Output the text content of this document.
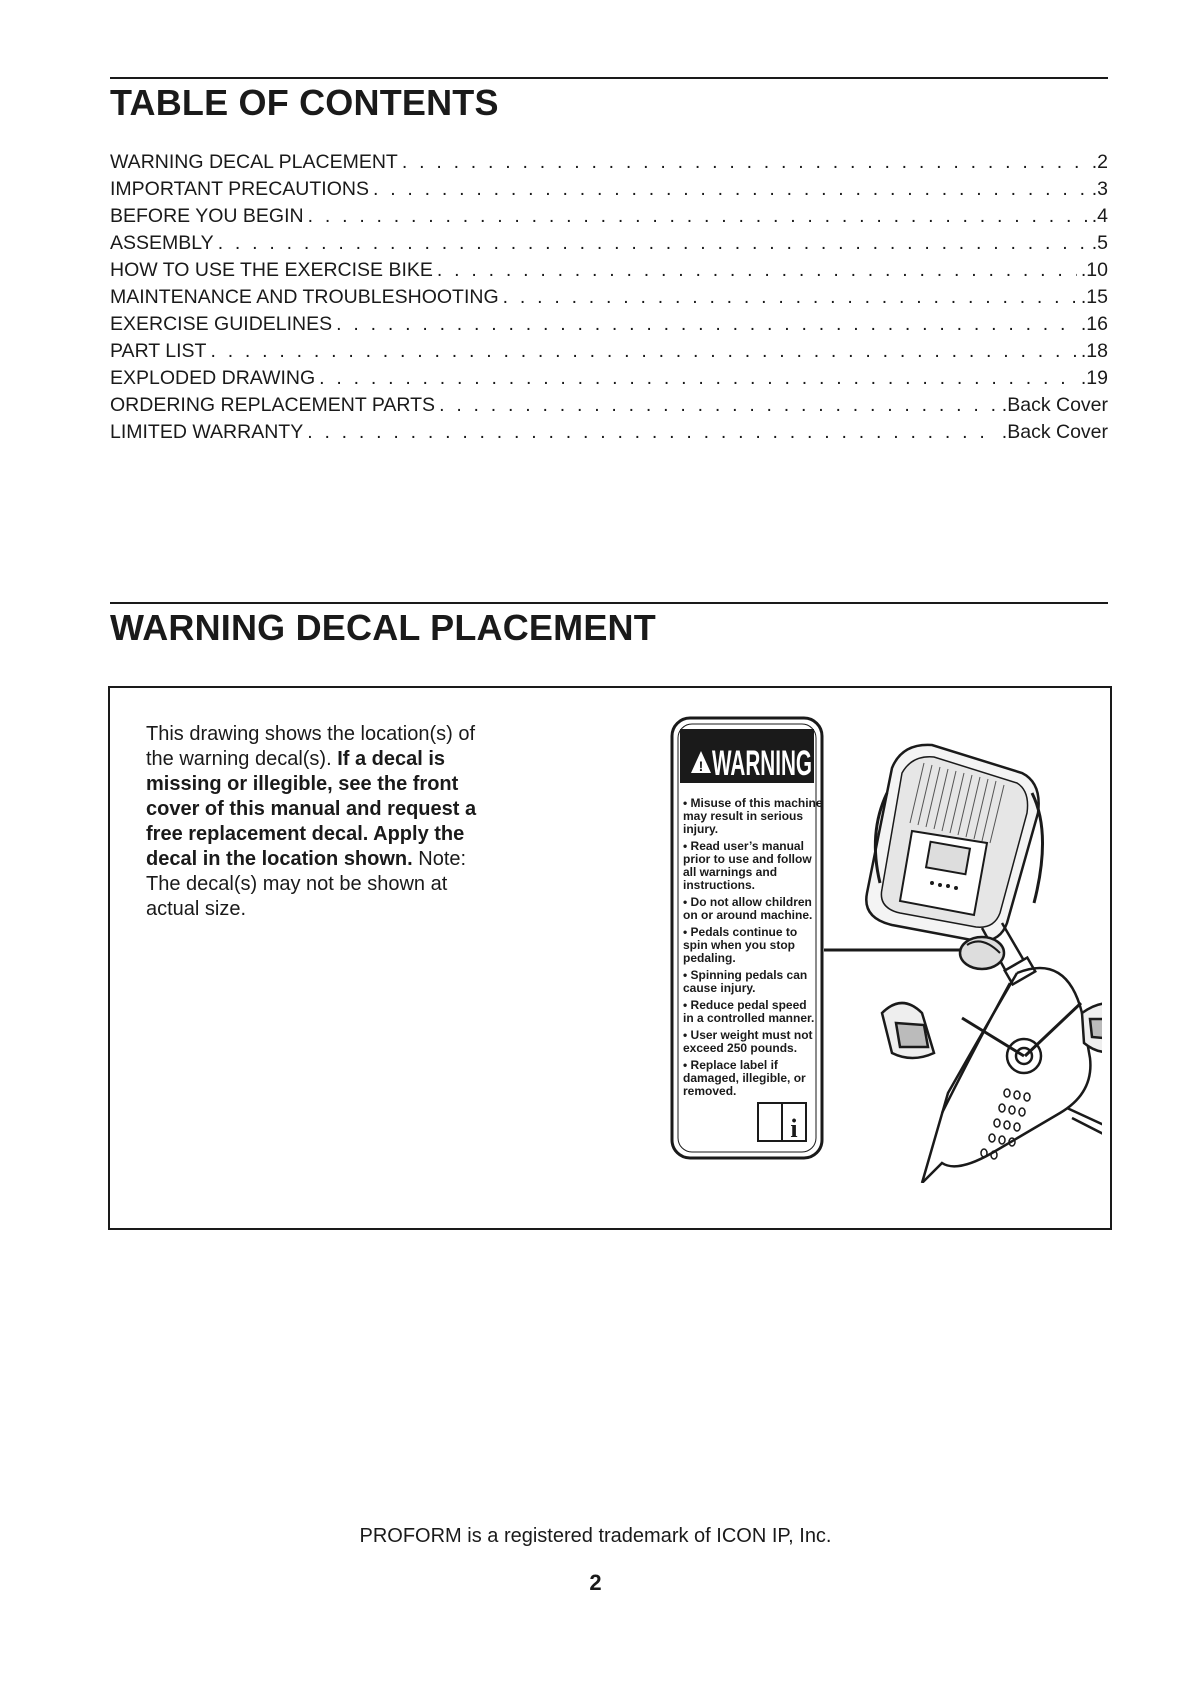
TABLE OF CONTENTS
WARNING DECAL PLACEMENT . . .	.2
IMPORTANT PRECAUTIONS . . .	.3
BEFORE YOU BEGIN . . .	.4
ASSEMBLY . . .	.5
HOW TO USE THE EXERCISE BIKE . . .	.10
MAINTENANCE AND TROUBLESHOOTING . . .	.15
EXERCISE GUIDELINES . . .	.16
PART LIST . . .	.18
EXPLODED DRAWING . . .	.19
ORDERING REPLACEMENT PARTS . . .	.Back Cover
LIMITED WARRANTY . . .	.Back Cover
WARNING DECAL PLACEMENT

This drawing shows the location(s) of the warning decal(s). If a decal is missing or illegible, see the front cover of this manual and request a free replacement decal. Apply the decal in the location shown. Note: The decal(s) may not be shown at actual size.

! WARNING
• Misuse of this machine
may result in serious
injury.
• Read user’s manual
prior to use and follow
all warnings and
instructions.
• Do not allow children
on or around machine.
• Pedals continue to
spin when you stop
pedaling.
• Spinning pedals can
cause injury.
• Reduce pedal speed
in a controlled manner.
• User weight must not
exceed 250 pounds.
• Replace label if
damaged, illegible, or
removed.
i
PROFORM is a registered trademark of ICON IP, Inc.
2
